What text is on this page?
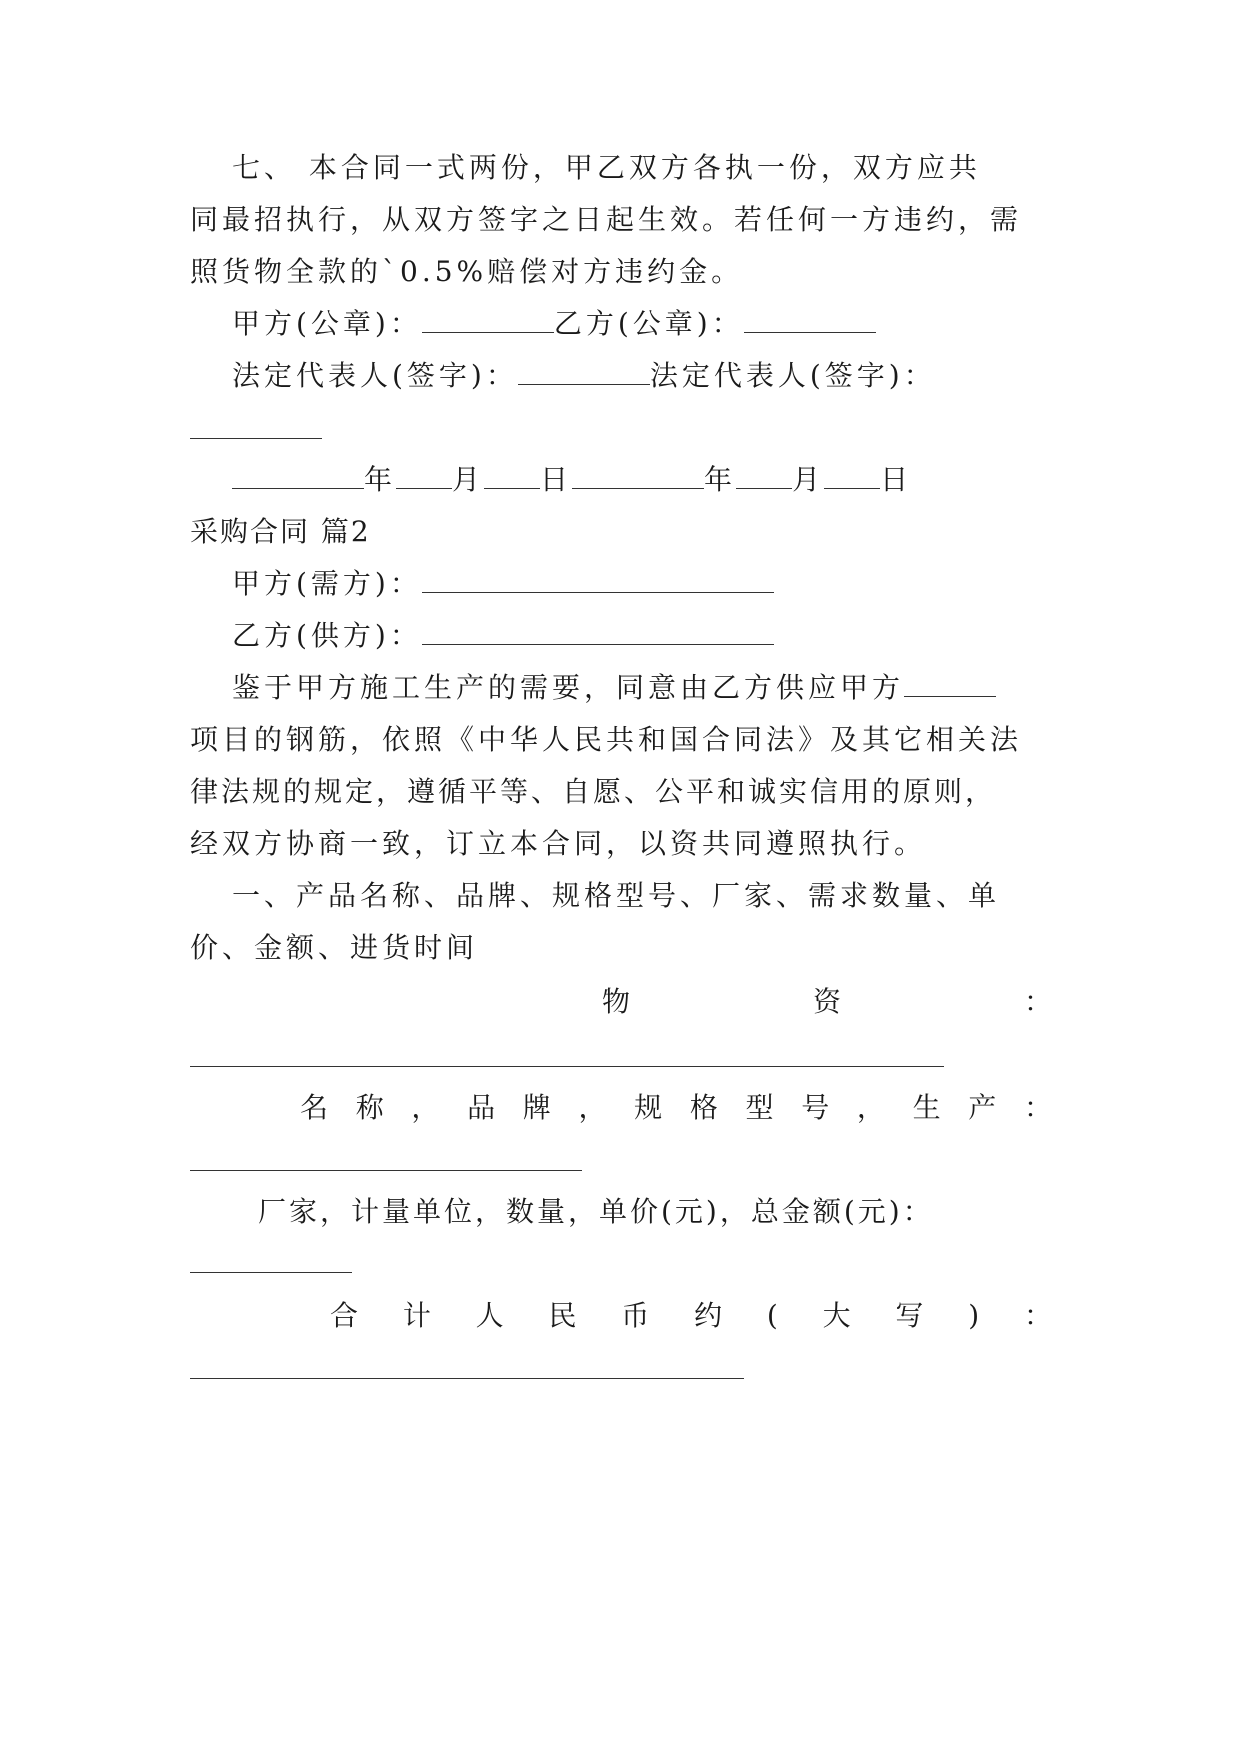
七、 本合同一式两份，甲乙双方各执一份，双方应共
同最招执行，从双方签字之日起生效。若任何一方违约，需
照货物全款的`0.5%赔偿对方违约金。
甲方(公章)：	乙方(公章)：
法定代表人(签字)：	法定代表人(签字)：
年 月 日	年 月 日
采购合同 篇2
甲方(需方)：
乙方(供方)：
鉴于甲方施工生产的需要，同意由乙方供应甲方
项目的钢筋，依照《中华人民共和国合同法》及其它相关法
律法规的规定，遵循平等、自愿、公平和诚实信用的原则，
经双方协商一致，订立本合同，以资共同遵照执行。
一、产品名称、品牌、规格型号、厂家、需求数量、单
价、金额、进货时间
物资：
名称，品牌，规格型号，生产：
厂家，计量单位，数量，单价(元)，总金额(元)：
合计人民币约(大写)：
